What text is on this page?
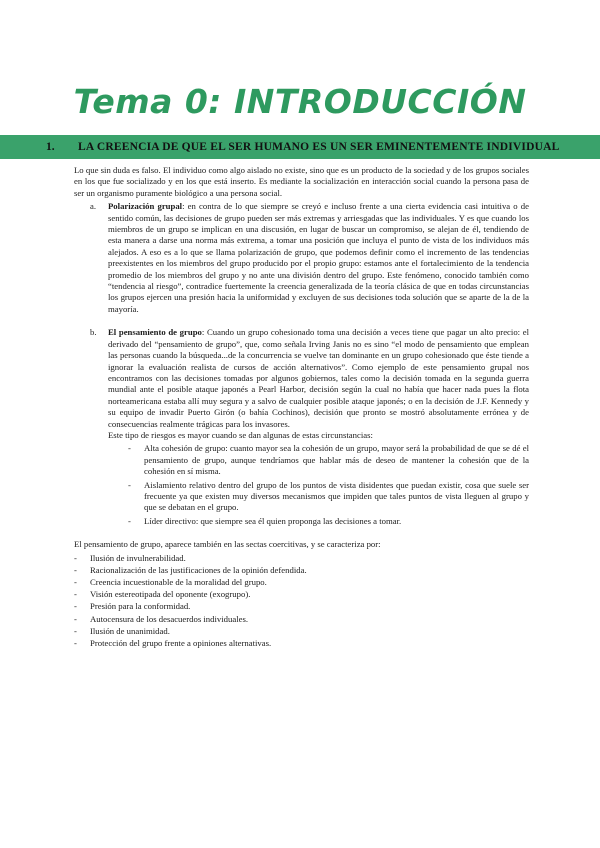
Tema 0: INTRODUCCIÓN
1. LA CREENCIA DE QUE EL SER HUMANO ES UN SER EMINENTEMENTE INDIVIDUAL

Lo que sin duda es falso. El individuo como algo aislado no existe, sino que es un producto de la sociedad y de los grupos sociales en los que fue socializado y en los que está inserto. Es mediante la socialización en interacción social cuando la persona pasa de ser un organismo puramente biológico a una persona social.

a. Polarización grupal: en contra de lo que siempre se creyó e incluso frente a una cierta evidencia casi intuitiva o de sentido común, las decisiones de grupo pueden ser más extremas y arriesgadas que las individuales. Y es que cuando los miembros de un grupo se implican en una discusión, en lugar de buscar un compromiso, se alejan de él, tendiendo de esta manera a darse una norma más extrema, a tomar una posición que incluya el punto de vista de los individuos más alejados. A eso es a lo que se llama polarización de grupo, que podemos definir como el incremento de las tendencias preexistentes en los miembros del grupo producido por el propio grupo: estamos ante el fortalecimiento de la tendencia promedio de los miembros del grupo y no ante una división dentro del grupo. Este fenómeno, conocido también como “tendencia al riesgo”, contradice fuertemente la creencia generalizada de la teoría clásica de que en todas circunstancias los grupos ejercen una presión hacia la uniformidad y excluyen de sus decisiones toda solución que se aparte de la de la mayoría.

b. El pensamiento de grupo: Cuando un grupo cohesionado toma una decisión a veces tiene que pagar un alto precio: el derivado del “pensamiento de grupo”, que, como señala Irving Janis no es sino “el modo de pensamiento que emplean las personas cuando la búsqueda...de la concurrencia se vuelve tan dominante en un grupo cohesionado que éste tiende a ignorar la evaluación realista de cursos de acción alternativos”. Como ejemplo de este pensamiento grupal nos encontramos con las decisiones tomadas por algunos gobiernos, tales como la decisión tomada en la segunda guerra mundial ante el posible ataque japonés a Pearl Harbor, decisión según la cual no había que hacer nada pues la flota norteamericana estaba allí muy segura y a salvo de cualquier posible ataque japonés; o en la decisión de J.F. Kennedy y su equipo de invadir Puerto Girón (o bahía Cochinos), decisión que pronto se mostró absolutamente errónea y de consecuencias realmente trágicas para los invasores.

Este tipo de riesgos es mayor cuando se dan algunas de estas circunstancias:

- Alta cohesión de grupo: cuanto mayor sea la cohesión de un grupo, mayor será la probabilidad de que se dé el pensamiento de grupo, aunque tendríamos que hablar más de deseo de mantener la cohesión que de la cohesión en sí misma.

- Aislamiento relativo dentro del grupo de los puntos de vista disidentes que puedan existir, cosa que suele ser frecuente ya que existen muy diversos mecanismos que impiden que tales puntos de vista lleguen al grupo y que se debatan en el grupo.

- Líder directivo: que siempre sea él quien proponga las decisiones a tomar.

El pensamiento de grupo, aparece también en las sectas coercitivas, y se caracteriza por:

- Ilusión de invulnerabilidad.
- Racionalización de las justificaciones de la opinión defendida.
- Creencia incuestionable de la moralidad del grupo.
- Visión estereotipada del oponente (exogrupo).
- Presión para la conformidad.
- Autocensura de los desacuerdos individuales.
- Ilusión de unanimidad.
- Protección del grupo frente a opiniones alternativas.
